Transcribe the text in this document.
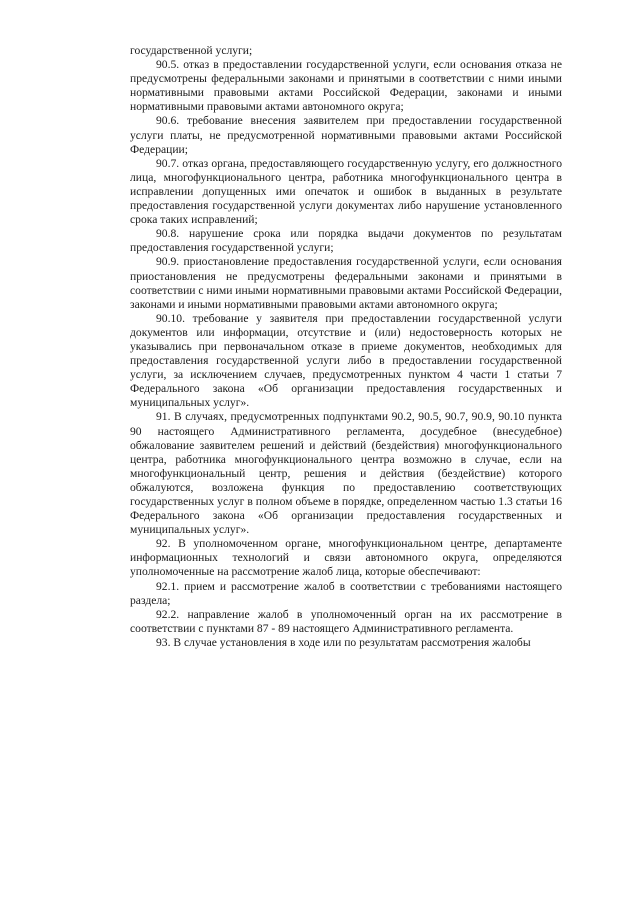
государственной услуги;

90.5. отказ в предоставлении государственной услуги, если основания отказа не предусмотрены федеральными законами и принятыми в соответствии с ними иными нормативными правовыми актами Российской Федерации, законами и иными нормативными правовыми актами автономного округа;

90.6. требование внесения заявителем при предоставлении государственной услуги платы, не предусмотренной нормативными правовыми актами Российской Федерации;

90.7. отказ органа, предоставляющего государственную услугу, его должностного лица, многофункционального центра, работника многофункционального центра в исправлении допущенных ими опечаток и ошибок в выданных в результате предоставления государственной услуги документах либо нарушение установленного срока таких исправлений;

90.8. нарушение срока или порядка выдачи документов по результатам предоставления государственной услуги;

90.9. приостановление предоставления государственной услуги, если основания приостановления не предусмотрены федеральными законами и принятыми в соответствии с ними иными нормативными правовыми актами Российской Федерации, законами и иными нормативными правовыми актами автономного округа;

90.10. требование у заявителя при предоставлении государственной услуги документов или информации, отсутствие и (или) недостоверность которых не указывались при первоначальном отказе в приеме документов, необходимых для предоставления государственной услуги либо в предоставлении государственной услуги, за исключением случаев, предусмотренных пунктом 4 части 1 статьи 7 Федерального закона «Об организации предоставления государственных и муниципальных услуг».

91. В случаях, предусмотренных подпунктами 90.2, 90.5, 90.7, 90.9, 90.10 пункта 90 настоящего Административного регламента, досудебное (внесудебное) обжалование заявителем решений и действий (бездействия) многофункционального центра, работника многофункционального центра возможно в случае, если на многофункциональный центр, решения и действия (бездействие) которого обжалуются, возложена функция по предоставлению соответствующих государственных услуг в полном объеме в порядке, определенном частью 1.3 статьи 16 Федерального закона «Об организации предоставления государственных и муниципальных услуг».

92. В уполномоченном органе, многофункциональном центре, департаменте информационных технологий и связи автономного округа, определяются уполномоченные на рассмотрение жалоб лица, которые обеспечивают:

92.1. прием и рассмотрение жалоб в соответствии с требованиями настоящего раздела;

92.2. направление жалоб в уполномоченный орган на их рассмотрение в соответствии с пунктами 87 - 89 настоящего Административного регламента.

93. В случае установления в ходе или по результатам рассмотрения жалобы
